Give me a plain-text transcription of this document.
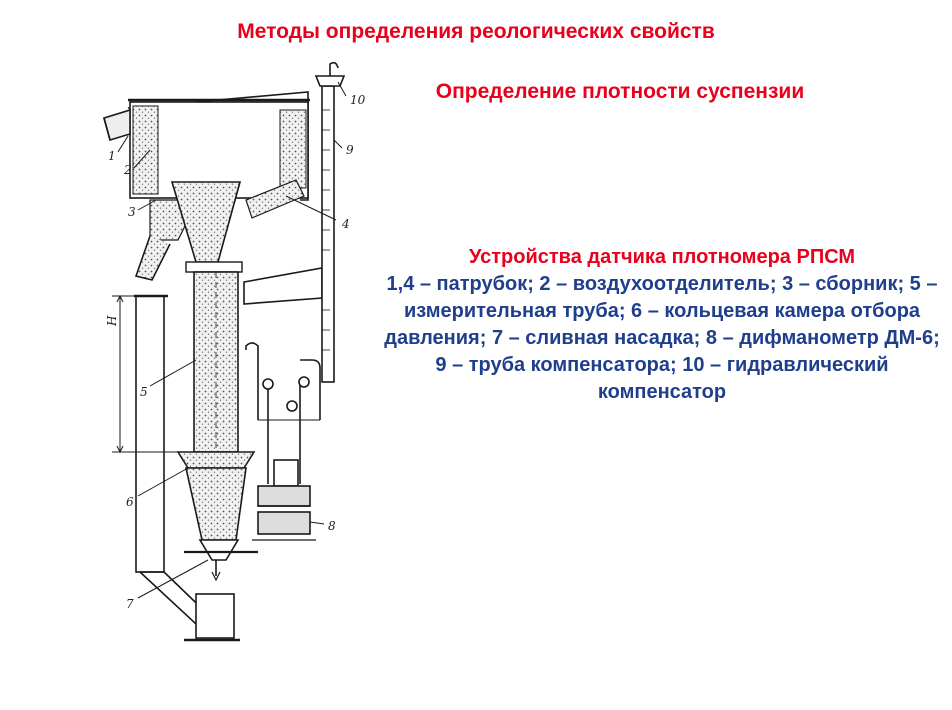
Методы определения реологических свойств
Определение плотности суспензии
1
2
3
4
5
6
7
8
9
10
H
Устройства датчика плотномера РПСМ
1,4 – патрубок; 2 – воздухоотделитель; 3 – сборник; 5 – измерительная труба; 6 – кольцевая камера отбора давления; 7 – сливная насадка; 8 – дифманометр ДМ-6; 9 – труба компенсатора; 10 – гидравлический компенсатор
